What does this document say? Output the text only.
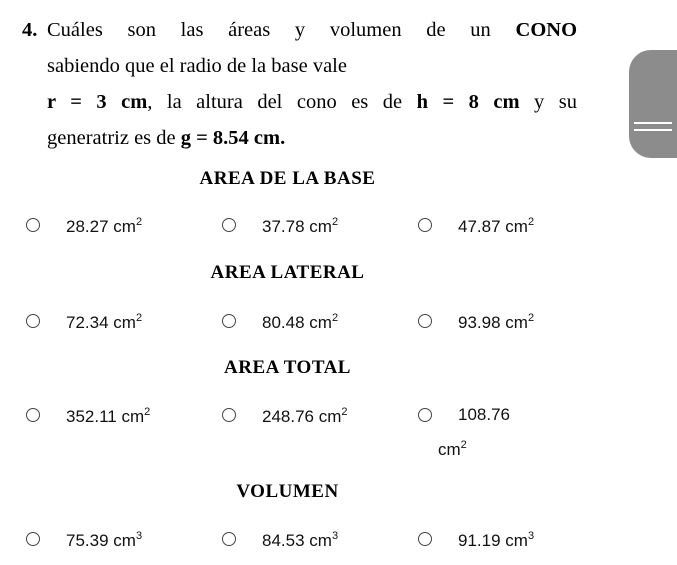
4. Cuáles son las áreas y volumen de un CONO
sabiendo que el radio de la base vale
r = 3 cm, la altura del cono es de h = 8 cm y su
generatriz es de g = 8.54 cm.
AREA DE LA BASE
28.27 $cm^2$	37.78 $cm^2$	47.87 $cm^2$
AREA LATERAL
72.34 $cm^2$	80.48 $cm^2$	93.98 $cm^2$
AREA TOTAL
352.11 $cm^2$	248.76 $cm^2$	108.76
$cm^2$
VOLUMEN
75.39 $cm^3$	84.53 $cm^3$	91.19 $cm^3$
